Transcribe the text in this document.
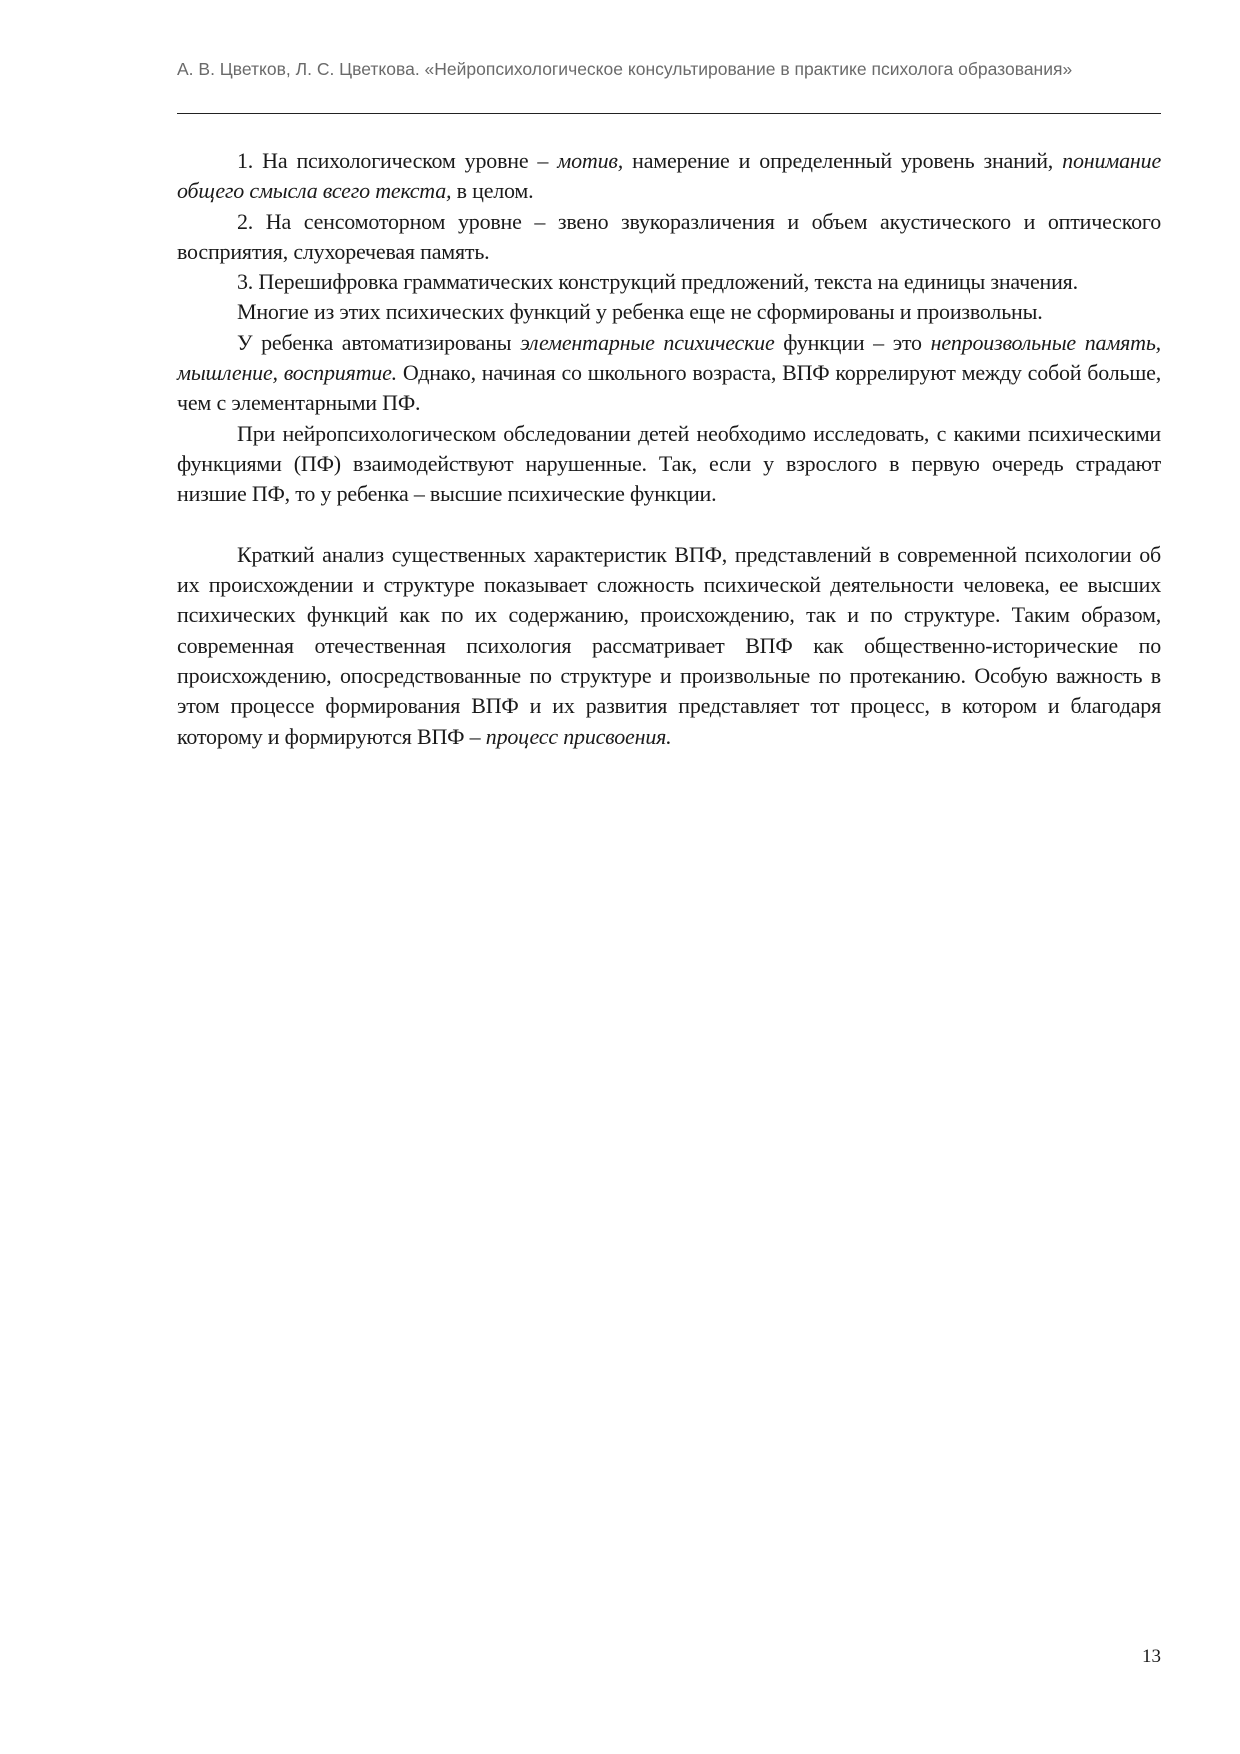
А. В. Цветков, Л. С. Цветкова. «Нейропсихологическое консультирование в практике психолога образования»

1. На психологическом уровне – мотив, намерение и определенный уровень знаний, понимание общего смысла всего текста, в целом.

2. На сенсомоторном уровне – звено звукоразличения и объем акустического и оптического восприятия, слухоречевая память.

3. Перешифровка грамматических конструкций предложений, текста на единицы значения.

Многие из этих психических функций у ребенка еще не сформированы и произвольны.

У ребенка автоматизированы элементарные психические функции – это непроизвольные память, мышление, восприятие. Однако, начиная со школьного возраста, ВПФ коррелируют между собой больше, чем с элементарными ПФ.

При нейропсихологическом обследовании детей необходимо исследовать, с какими психическими функциями (ПФ) взаимодействуют нарушенные. Так, если у взрослого в первую очередь страдают низшие ПФ, то у ребенка – высшие психические функции.

Краткий анализ существенных характеристик ВПФ, представлений в современной психологии об их происхождении и структуре показывает сложность психической деятельности человека, ее высших психических функций как по их содержанию, происхождению, так и по структуре. Таким образом, современная отечественная психология рассматривает ВПФ как общественно-исторические по происхождению, опосредствованные по структуре и произвольные по протеканию. Особую важность в этом процессе формирования ВПФ и их развития представляет тот процесс, в котором и благодаря которому и формируются ВПФ – процесс присвоения.

13
